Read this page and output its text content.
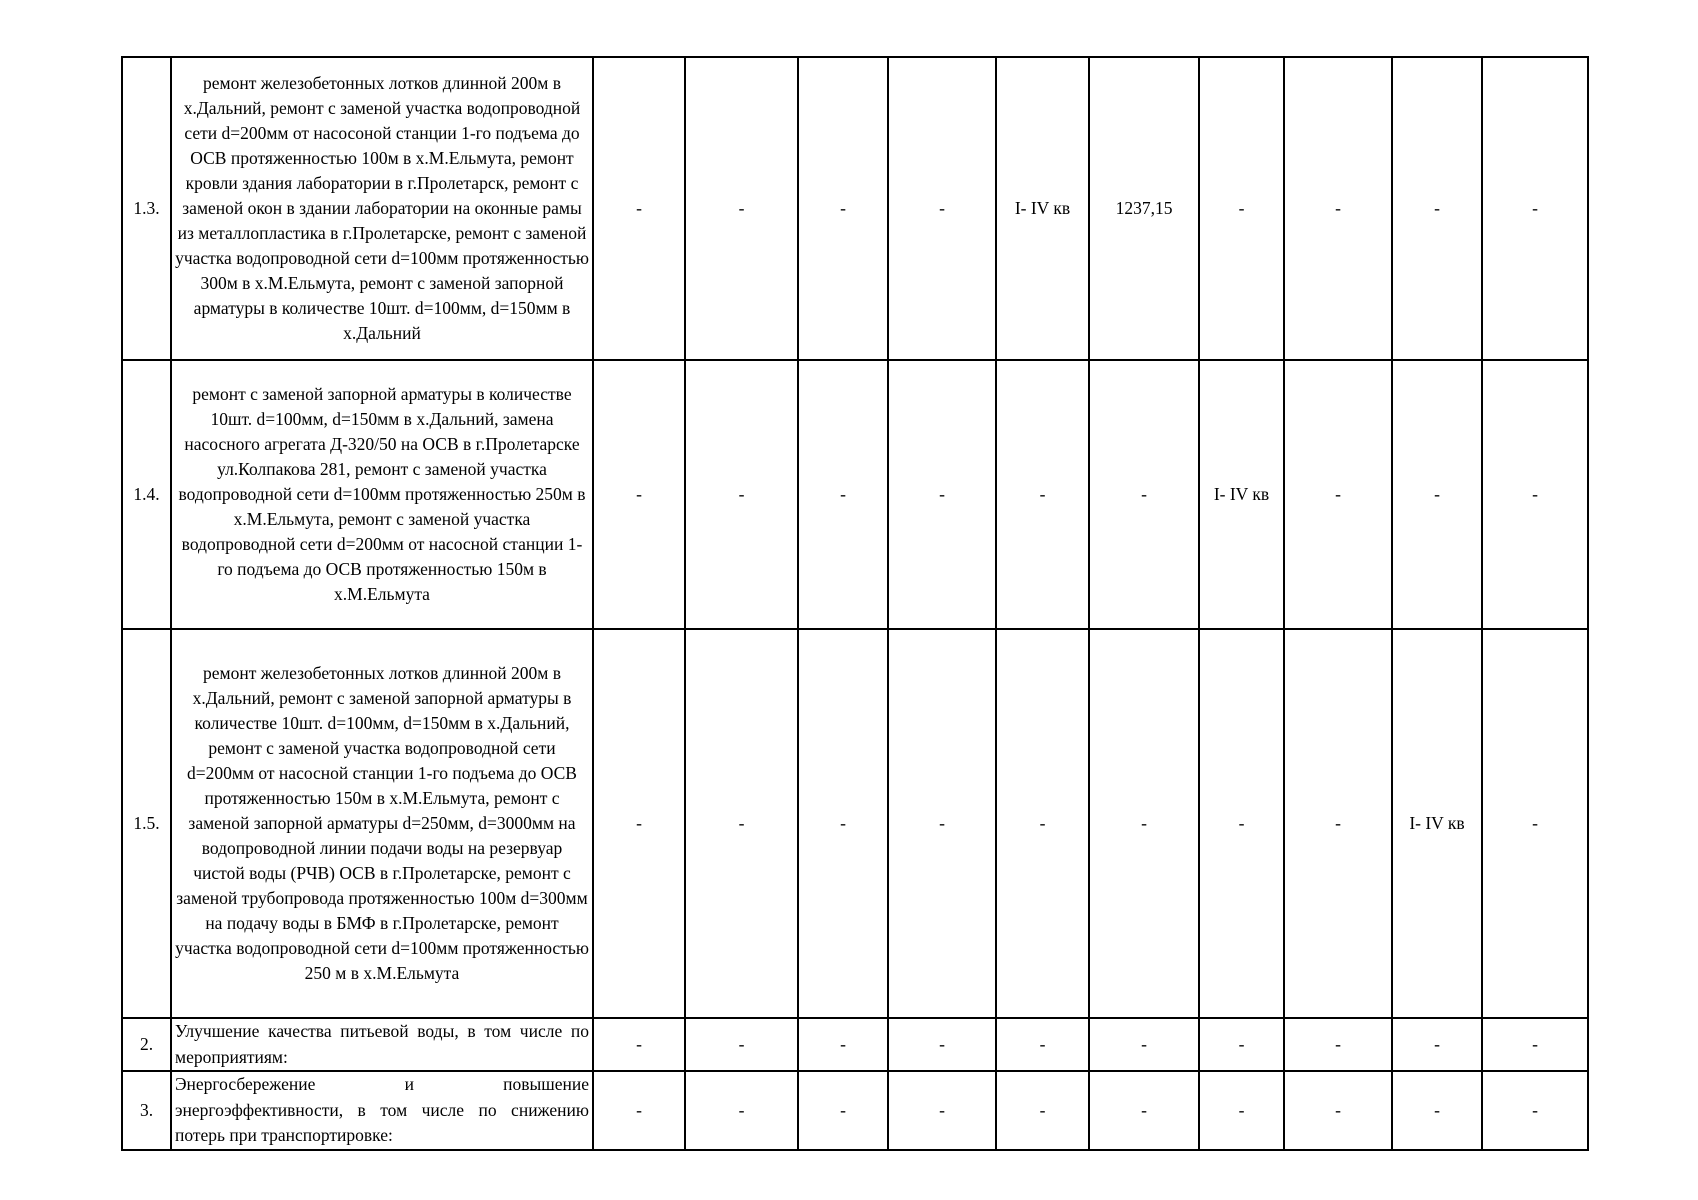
1.3.	ремонт железобетонных лотков длинной 200м в х.Дальний, ремонт с заменой участка водопроводной сети d=200мм от насосоной станции 1-го подъема до ОСВ протяженностью 100м в х.М.Ельмута, ремонт кровли здания лаборатории в г.Пролетарск, ремонт с заменой окон в здании лаборатории на оконные рамы из металлопластика в г.Пролетарске, ремонт с заменой участка водопроводной сети d=100мм протяженностью 300м в х.М.Ельмута, ремонт с заменой запорной арматуры в количестве 10шт. d=100мм, d=150мм в х.Дальний	-	-	-	-	I- IV кв	1237,15	-	-	-	-
1.4.	ремонт с заменой запорной арматуры в количестве 10шт. d=100мм, d=150мм в х.Дальний, замена насосного агрегата Д-320/50 на ОСВ в г.Пролетарске ул.Колпакова 281, ремонт с заменой участка водопроводной сети d=100мм протяженностью 250м в х.М.Ельмута, ремонт с заменой участка водопроводной сети d=200мм от насосной станции 1-го подъема до ОСВ протяженностью 150м в х.М.Ельмута	-	-	-	-	-	-	I- IV кв	-	-	-
1.5.	ремонт железобетонных лотков длинной 200м в х.Дальний, ремонт с заменой запорной арматуры в количестве 10шт. d=100мм, d=150мм в х.Дальний, ремонт с заменой участка водопроводной сети d=200мм от насосной станции 1-го подъема до ОСВ протяженностью 150м в х.М.Ельмута, ремонт с заменой запорной арматуры d=250мм, d=3000мм на водопроводной линии подачи воды на резервуар чистой воды (РЧВ) ОСВ в г.Пролетарске, ремонт с заменой трубопровода протяженностью 100м d=300мм на подачу воды в БМФ в г.Пролетарске, ремонт участка водопроводной сети d=100мм протяженностью 250 м в х.М.Ельмута	-	-	-	-	-	-	-	-	I- IV кв	-
2.	Улучшение качества питьевой воды, в том числе по мероприятиям:	-	-	-	-	-	-	-	-	-	-
3.	Энергосбережение и повышение энергоэффективности, в том числе по снижению потерь при транспортировке:	-	-	-	-	-	-	-	-	-	-
